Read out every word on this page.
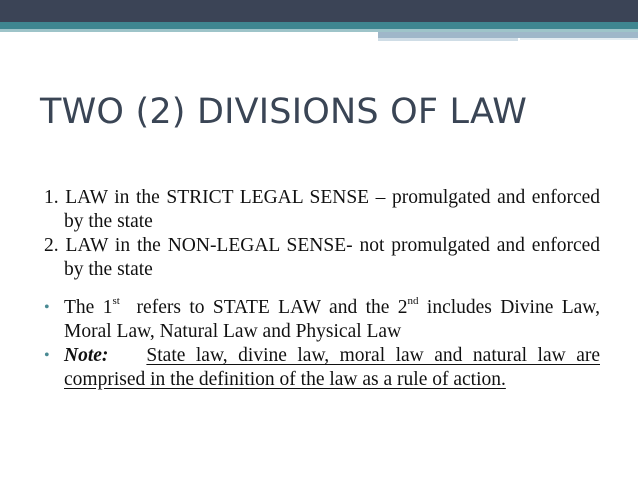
TWO (2) DIVISIONS OF LAW

1. LAW in the STRICT LEGAL SENSE – promulgated and enforced by the state

2. LAW in the NON-LEGAL SENSE- not promulgated and enforced by the state

• The 1st  refers to STATE LAW and the 2nd includes Divine Law, Moral Law, Natural Law and Physical Law

• Note: State law, divine law, moral law and natural law are comprised in the definition of the law as a rule of action.
